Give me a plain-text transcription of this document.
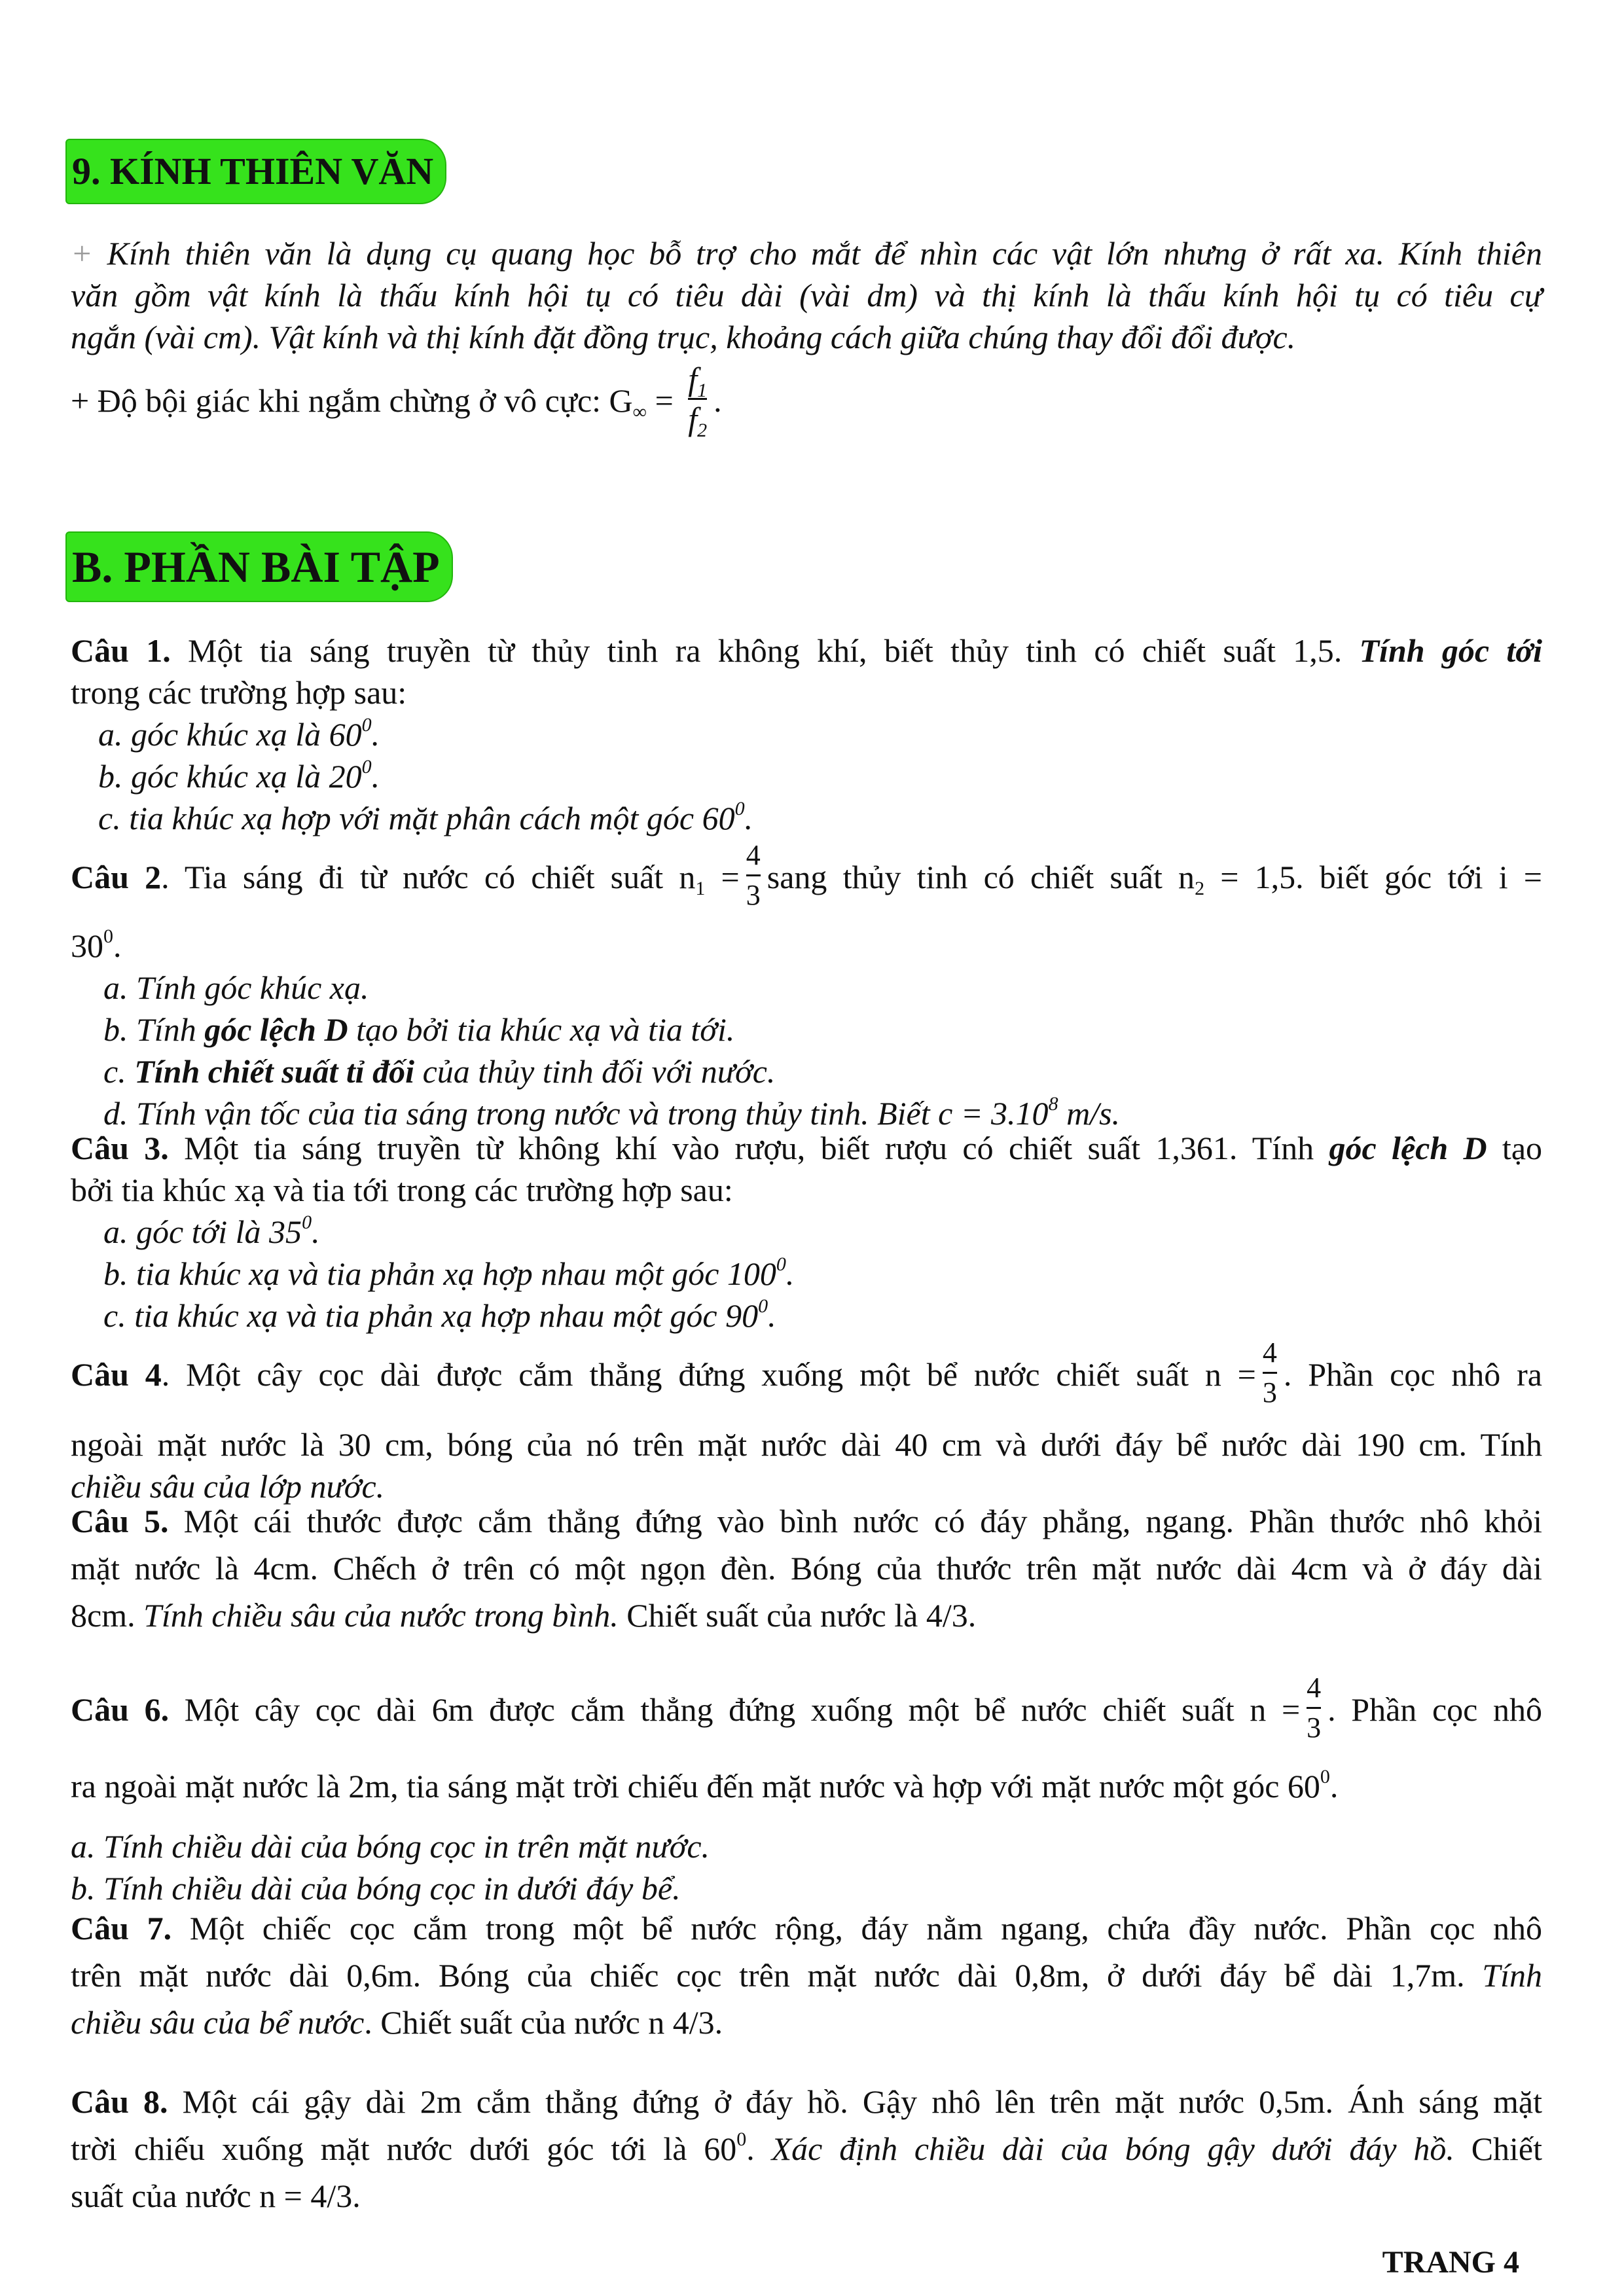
9. KÍNH THIÊN VĂN
+ Kính thiên văn là dụng cụ quang học bỗ trợ cho mắt để nhìn các vật lớn nhưng ở rất xa. Kính thiên
văn gồm vật kính là thấu kính hội tụ có tiêu dài (vài dm) và thị kính là thấu kính hội tụ có tiêu cự
ngắn (vài cm). Vật kính và thị kính đặt đồng trục, khoảng cách giữa chúng thay đổi đổi được.
+ Độ bội giác khi ngắm chừng ở vô cực: $G_\infty = \frac{f_1}{f_2}$ .
B. PHẦN BÀI TẬP
Câu 1. Một tia sáng truyền từ thủy tinh ra không khí, biết thủy tinh có chiết suất 1,5. Tính góc tới
trong các trường hợp sau:
a. góc khúc xạ là $60^0$.
b. góc khúc xạ là $20^0$.
c. tia khúc xạ hợp với mặt phân cách một góc $60^0$.
Câu 2. Tia sáng đi từ nước có chiết suất $n_1 = \frac{4}{3}$ sang thủy tinh có chiết suất $n_2 = 1,5$. biết góc tới i =
$30^0$.
a. Tính góc khúc xạ.
b. Tính góc lệch D tạo bởi tia khúc xạ và tia tới.
c. Tính chiết suất tỉ đối của thủy tinh đối với nước.
d. Tính vận tốc của tia sáng trong nước và trong thủy tinh. Biết $c = 3.10^8$ m/s.
Câu 3. Một tia sáng truyền từ không khí vào rượu, biết rượu có chiết suất 1,361. Tính góc lệch D tạo
bởi tia khúc xạ và tia tới trong các trường hợp sau:
a. góc tới là $35^0$.
b. tia khúc xạ và tia phản xạ hợp nhau một góc $100^0$.
c. tia khúc xạ và tia phản xạ hợp nhau một góc $90^0$.
Câu 4. Một cây cọc dài được cắm thẳng đứng xuống một bể nước chiết suất $n = \frac{4}{3}$ . Phần cọc nhô ra
ngoài mặt nước là 30 cm, bóng của nó trên mặt nước dài 40 cm và dưới đáy bể nước dài 190 cm. Tính
chiều sâu của lớp nước.
Câu 5. Một cái thước được cắm thẳng đứng vào bình nước có đáy phẳng, ngang. Phần thước nhô khỏi
mặt nước là 4cm. Chếch ở trên có một ngọn đèn. Bóng của thước trên mặt nước dài 4cm và ở đáy dài
8cm. Tính chiều sâu của nước trong bình. Chiết suất của nước là 4/3.
Câu 6. Một cây cọc dài 6m được cắm thẳng đứng xuống một bể nước chiết suất $n = \frac{4}{3}$ . Phần cọc nhô
ra ngoài mặt nước là 2m, tia sáng mặt trời chiếu đến mặt nước và hợp với mặt nước một góc $60^0$.
a. Tính chiều dài của bóng cọc in trên mặt nước.
b. Tính chiều dài của bóng cọc in dưới đáy bể.
Câu 7. Một chiếc cọc cắm trong một bể nước rộng, đáy nằm ngang, chứa đầy nước. Phần cọc nhô
trên mặt nước dài 0,6m. Bóng của chiếc cọc trên mặt nước dài 0,8m, ở dưới đáy bể dài 1,7m. Tính
chiều sâu của bể nước. Chiết suất của nước n 4/3.
Câu 8. Một cái gậy dài 2m cắm thẳng đứng ở đáy hồ. Gậy nhô lên trên mặt nước 0,5m. Ánh sáng mặt
trời chiếu xuống mặt nước dưới góc tới là $60^0$. Xác định chiều dài của bóng gậy dưới đáy hồ. Chiết
suất của nước n = 4/3.
TRANG 4
